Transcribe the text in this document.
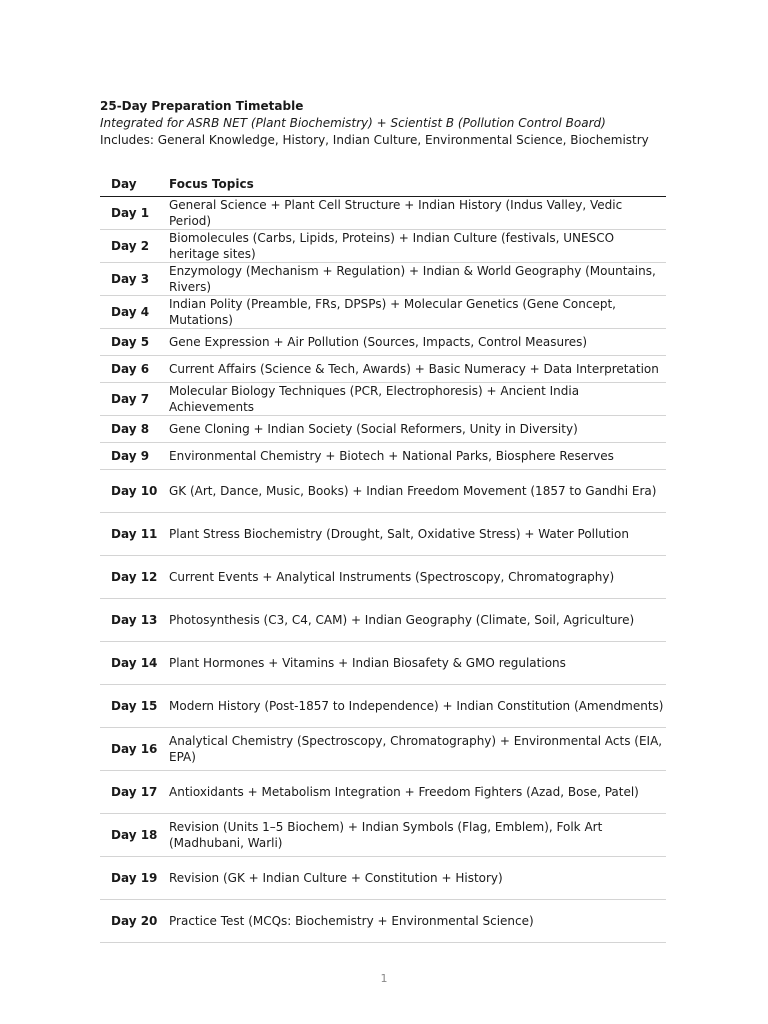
25-Day Preparation Timetable
Integrated for ASRB NET (Plant Biochemistry) + Scientist B (Pollution Control Board)
Includes: General Knowledge, History, Indian Culture, Environmental Science, Biochemistry
Day	Focus Topics
Day 1	General Science + Plant Cell Structure + Indian History (Indus Valley, Vedic Period)
Day 2	Biomolecules (Carbs, Lipids, Proteins) + Indian Culture (festivals, UNESCO heritage sites)
Day 3	Enzymology (Mechanism + Regulation) + Indian & World Geography (Mountains, Rivers)
Day 4	Indian Polity (Preamble, FRs, DPSPs) + Molecular Genetics (Gene Concept, Mutations)
Day 5	Gene Expression + Air Pollution (Sources, Impacts, Control Measures)
Day 6	Current Affairs (Science & Tech, Awards) + Basic Numeracy + Data Interpretation
Day 7	Molecular Biology Techniques (PCR, Electrophoresis) + Ancient India Achievements
Day 8	Gene Cloning + Indian Society (Social Reformers, Unity in Diversity)
Day 9	Environmental Chemistry + Biotech + National Parks, Biosphere Reserves
Day 10	GK (Art, Dance, Music, Books) + Indian Freedom Movement (1857 to Gandhi Era)
Day 11	Plant Stress Biochemistry (Drought, Salt, Oxidative Stress) + Water Pollution
Day 12	Current Events + Analytical Instruments (Spectroscopy, Chromatography)
Day 13	Photosynthesis (C3, C4, CAM) + Indian Geography (Climate, Soil, Agriculture)
Day 14	Plant Hormones + Vitamins + Indian Biosafety & GMO regulations
Day 15	Modern History (Post-1857 to Independence) + Indian Constitution (Amendments)
Day 16	Analytical Chemistry (Spectroscopy, Chromatography) + Environmental Acts (EIA, EPA)
Day 17	Antioxidants + Metabolism Integration + Freedom Fighters (Azad, Bose, Patel)
Day 18	Revision (Units 1–5 Biochem) + Indian Symbols (Flag, Emblem), Folk Art (Madhubani, Warli)
Day 19	Revision (GK + Indian Culture + Constitution + History)
Day 20	Practice Test (MCQs: Biochemistry + Environmental Science)
1
